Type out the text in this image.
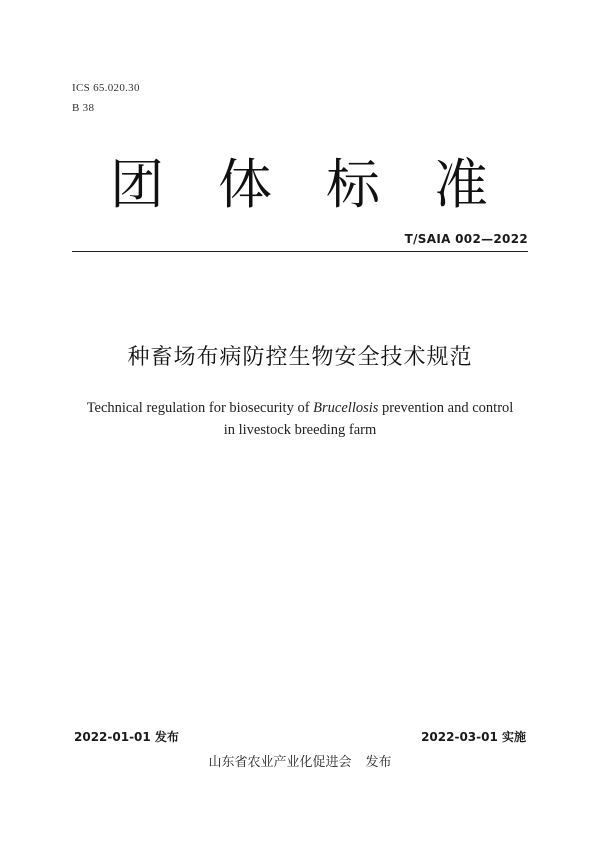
ICS 65.020.30
B 38
团 体 标 准
T/SAIA 002—2022
种畜场布病防控生物安全技术规范
Technical regulation for biosecurity of Brucellosis prevention and control in livestock breeding farm
2022-01-01 发布	2022-03-01 实施
山东省农业产业化促进会 发布
